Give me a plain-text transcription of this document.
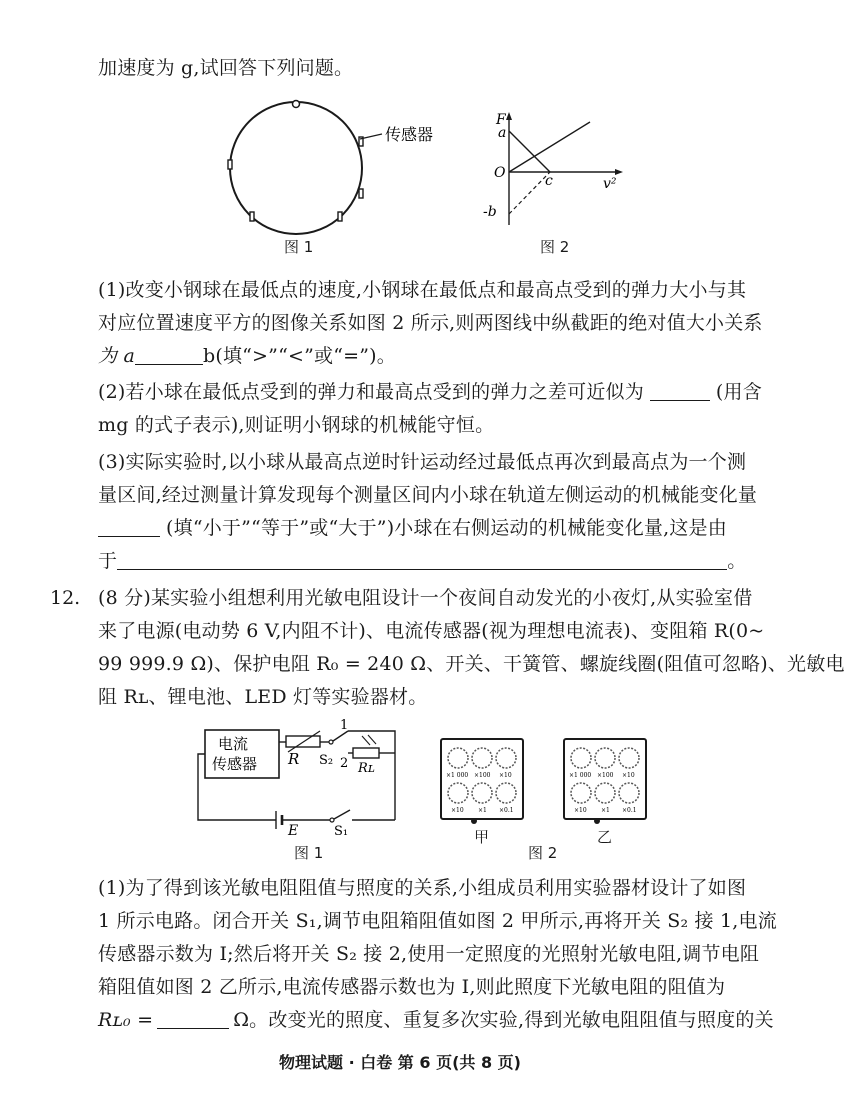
加速度为 g,试回答下列问题。
传感器
图 1
F
a
O	c
-b
v²
图 2
(1)改变小钢球在最低点的速度,小钢球在最低点和最高点受到的弹力大小与其
对应位置速度平方的图像关系如图 2 所示,则两图线中纵截距的绝对值大小关系
为 a	b(填“>”“<”或“=”)。
(2)若小球在最低点受到的弹力和最高点受到的弹力之差可近似为	(用含
mg 的式子表示),则证明小钢球的机械能守恒。
(3)实际实验时,以小球从最高点逆时针运动经过最低点再次到最高点为一个测
量区间,经过测量计算发现每个测量区间内小球在轨道左侧运动的机械能变化量
(填“小于”“等于”或“大于”)小球在右侧运动的机械能变化量,这是由
于	。
12. (8 分)某实验小组想利用光敏电阻设计一个夜间自动发光的小夜灯,从实验室借
来了电源(电动势 6 V,内阻不计)、电流传感器(视为理想电流表)、变阻箱 R(0~
99 999.9 Ω)、保护电阻 R₀ = 240 Ω、开关、干簧管、螺旋线圈(阻值可忽略)、光敏电
阻 Rʟ、锂电池、LED 灯等实验器材。
电流
传感器 R S₂
1
2 Rʟ
E	S₁
图 1
×1 000 ×100 ×10
×10 ×1 ×0.1
甲
×1 000 ×100 ×10
×10 ×1 ×0.1
乙
图 2
(1)为了得到该光敏电阻阻值与照度的关系,小组成员利用实验器材设计了如图
1 所示电路。闭合开关 S₁,调节电阻箱阻值如图 2 甲所示,再将开关 S₂ 接 1,电流
传感器示数为 I;然后将开关 S₂ 接 2,使用一定照度的光照射光敏电阻,调节电阻
箱阻值如图 2 乙所示,电流传感器示数也为 I,则此照度下光敏电阻的阻值为
Rʟ₀ =	Ω。改变光的照度、重复多次实验,得到光敏电阻阻值与照度的关
物理试题 · 白卷 第 6 页(共 8 页)
